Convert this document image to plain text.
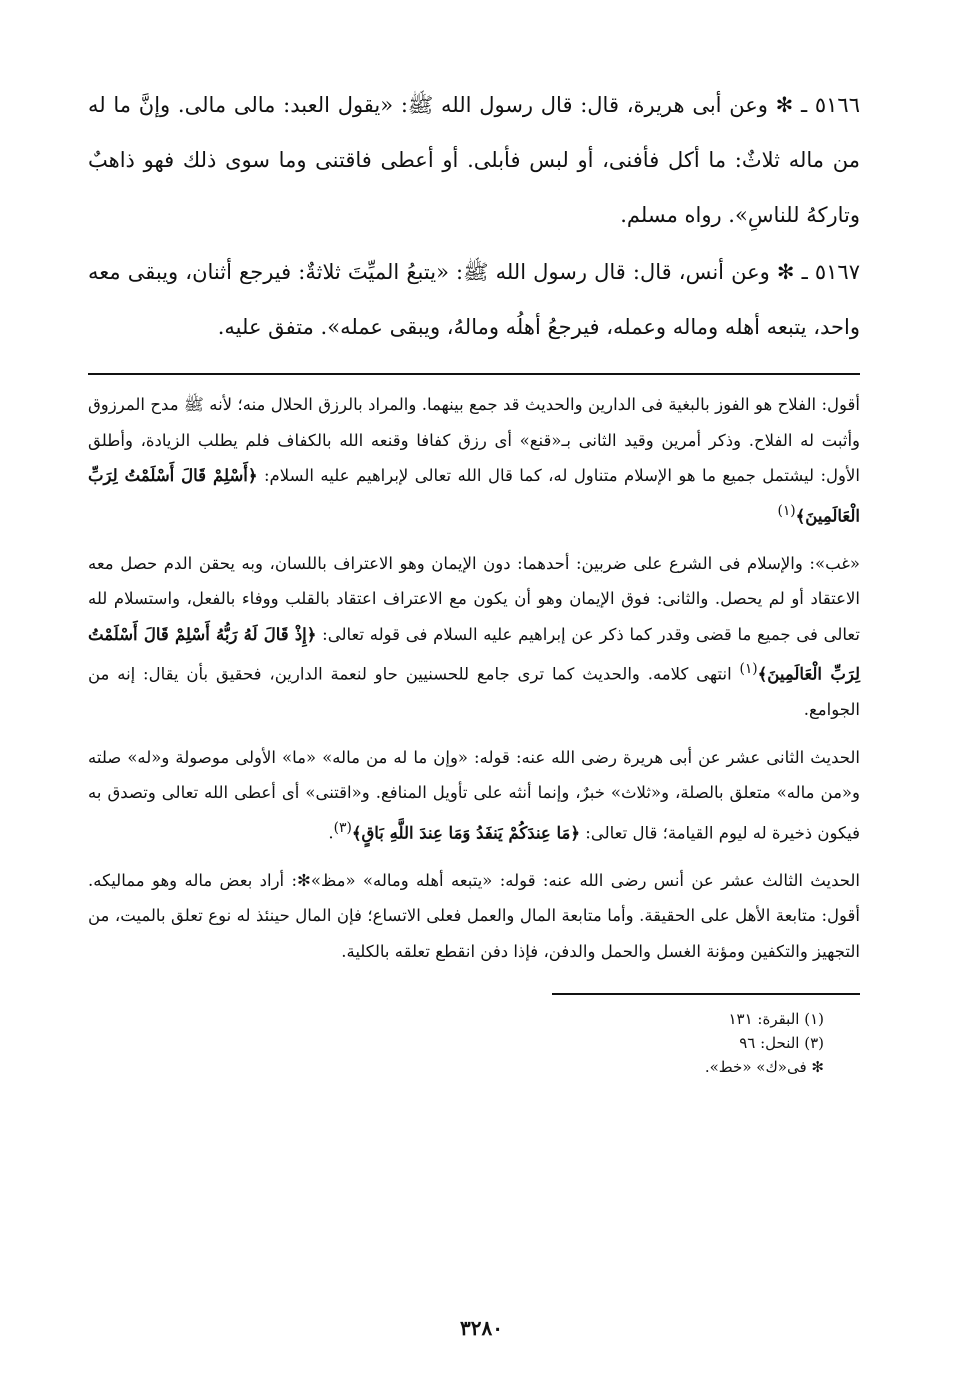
٥١٦٦ ـ ✻ وعن أبى هريرة، قال: قال رسول الله ﷺ: «يقول العبد: مالى مالى. وإنَّ ما له من ماله ثلاثٌ: ما أكل فأفنى، أو لبس فأبلى. أو أعطى فاقتنى وما سوى ذلك فهو ذاهبٌ وتاركهُ للناسِ». رواه مسلم.

٥١٦٧ ـ ✻ وعن أنس، قال: قال رسول الله ﷺ: «يتبعُ الميِّتَ ثلاثةٌ: فيرجع أثنان، ويبقى معه واحد، يتبعه أهله وماله وعمله، فيرجعُ أهلُه ومالهُ، ويبقى عمله». متفق عليه.

أقول: الفلاح هو الفوز بالبغية فى الدارين والحديث قد جمع بينهما. والمراد بالرزق الحلال منه؛ لأنه ﷺ مدح المرزوق وأثبت له الفلاح. وذكر أمرين وقيد الثانى بـ«قنع» أى رزق كفافا وقنعه الله بالكفاف فلم يطلب الزيادة، وأطلق الأول: ليشتمل جميع ما هو الإسلام متناول له، كما قال الله تعالى لإبراهيم عليه السلام: ﴿أَسْلِمْ قَالَ أَسْلَمْتُ لِرَبِّ الْعَالَمِينَ﴾$^{(١)}$

«غب»: والإسلام فى الشرع على ضربين: أحدهما: دون الإيمان وهو الاعتراف باللسان، وبه يحقن الدم حصل معه الاعتقاد أو لم يحصل. والثانى: فوق الإيمان وهو أن يكون مع الاعتراف اعتقاد بالقلب ووفاء بالفعل، واستسلام لله تعالى فى جميع ما قضى وقدر كما ذكر عن إبراهيم عليه السلام فى قوله تعالى: ﴿إِذْ قَالَ لَهُ رَبُّهُ أَسْلِمْ قَالَ أَسْلَمْتُ لِرَبِّ الْعَالَمِينَ﴾$^{(١)}$ انتهى كلامه. والحديث كما ترى جامع للحسنيين حاو لنعمة الدارين، فحقيق بأن يقال: إنه من الجوامع.

الحديث الثانى عشر عن أبى هريرة رضى الله عنه: قوله: «وإن ما له من ماله» «ما» الأولى موصولة و«له» صلته و«من ماله» متعلق بالصلة، و«ثلاث» خبرٌ، وإنما أنثه على تأويل المنافع. و«اقتنى» أى أعطى الله تعالى وتصدق به فيكون ذخيرة له ليوم القيامة؛ قال تعالى: ﴿مَا عِندَكُمْ يَنفَدُ وَمَا عِندَ اللَّهِ بَاقٍ﴾$^{(٣)}$.

الحديث الثالث عشر عن أنس رضى الله عنه: قوله: «يتبعه أهله وماله» «مظ»✻: أراد بعض ماله وهو مماليكه. أقول: متابعة الأهل على الحقيقة. وأما متابعة المال والعمل فعلى الاتساع؛ فإن المال حينئذ له نوع تعلق بالميت، من التجهيز والتكفين ومؤنة الغسل والحمل والدفن، فإذا دفن انقطع تعلقه بالكلية.

(١) البقرة: ١٣١
(٣) النحل: ٩٦
✻ فى«ك» «خط».
٣٢٨٠
